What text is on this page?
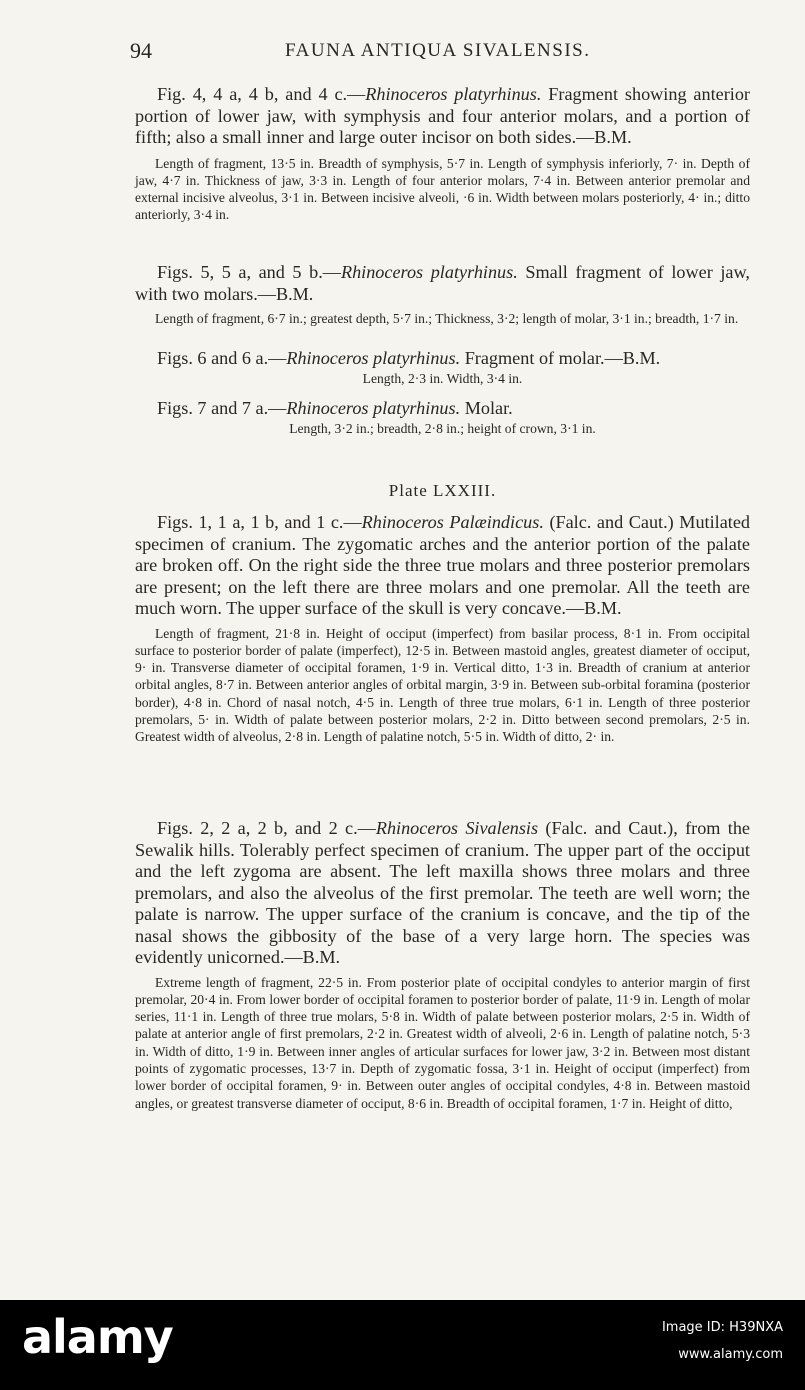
94	FAUNA ANTIQUA SIVALENSIS.

Fig. 4, 4 a, 4 b, and 4 c.—Rhinoceros platyrhinus. Fragment showing anterior portion of lower jaw, with symphysis and four anterior molars, and a portion of fifth; also a small inner and large outer incisor on both sides.—B.M.

Length of fragment, 13·5 in. Breadth of symphysis, 5·7 in. Length of symphysis inferiorly, 7· in. Depth of jaw, 4·7 in. Thickness of jaw, 3·3 in. Length of four anterior molars, 7·4 in. Between anterior premolar and external incisive alveolus, 3·1 in. Between incisive alveoli, ·6 in. Width between molars posteriorly, 4· in.; ditto anteriorly, 3·4 in.

Figs. 5, 5 a, and 5 b.—Rhinoceros platyrhinus. Small fragment of lower jaw, with two molars.—B.M.

Length of fragment, 6·7 in.; greatest depth, 5·7 in.; Thickness, 3·2; length of molar, 3·1 in.; breadth, 1·7 in.

Figs. 6 and 6 a.—Rhinoceros platyrhinus. Fragment of molar.—B.M.

Length, 2·3 in. Width, 3·4 in.

Figs. 7 and 7 a.—Rhinoceros platyrhinus. Molar.

Length, 3·2 in.; breadth, 2·8 in.; height of crown, 3·1 in.

Plate LXXIII.

Figs. 1, 1 a, 1 b, and 1 c.—Rhinoceros Palæindicus. (Falc. and Caut.) Mutilated specimen of cranium. The zygomatic arches and the anterior portion of the palate are broken off. On the right side the three true molars and three posterior premolars are present; on the left there are three molars and one premolar. All the teeth are much worn. The upper surface of the skull is very concave.—B.M.

Length of fragment, 21·8 in. Height of occiput (imperfect) from basilar process, 8·1 in. From occipital surface to posterior border of palate (imperfect), 12·5 in. Between mastoid angles, greatest diameter of occiput, 9· in. Transverse diameter of occipital foramen, 1·9 in. Vertical ditto, 1·3 in. Breadth of cranium at anterior orbital angles, 8·7 in. Between anterior angles of orbital margin, 3·9 in. Between sub-orbital foramina (posterior border), 4·8 in. Chord of nasal notch, 4·5 in. Length of three true molars, 6·1 in. Length of three posterior premolars, 5· in. Width of palate between posterior molars, 2·2 in. Ditto between second premolars, 2·5 in. Greatest width of alveolus, 2·8 in. Length of palatine notch, 5·5 in. Width of ditto, 2· in.

Figs. 2, 2 a, 2 b, and 2 c.—Rhinoceros Sivalensis (Falc. and Caut.), from the Sewalik hills. Tolerably perfect specimen of cranium. The upper part of the occiput and the left zygoma are absent. The left maxilla shows three molars and three premolars, and also the alveolus of the first premolar. The teeth are well worn; the palate is narrow. The upper surface of the cranium is concave, and the tip of the nasal shows the gibbosity of the base of a very large horn. The species was evidently unicorned.—B.M.

Extreme length of fragment, 22·5 in. From posterior plate of occipital condyles to anterior margin of first premolar, 20·4 in. From lower border of occipital foramen to posterior border of palate, 11·9 in. Length of molar series, 11·1 in. Length of three true molars, 5·8 in. Width of palate between posterior molars, 2·5 in. Width of palate at anterior angle of first premolars, 2·2 in. Greatest width of alveoli, 2·6 in. Length of palatine notch, 5·3 in. Width of ditto, 1·9 in. Between inner angles of articular surfaces for lower jaw, 3·2 in. Between most distant points of zygomatic processes, 13·7 in. Depth of zygomatic fossa, 3·1 in. Height of occiput (imperfect) from lower border of occipital foramen, 9· in. Between outer angles of occipital condyles, 4·8 in. Between mastoid angles, or greatest transverse diameter of occiput, 8·6 in. Breadth of occipital foramen, 1·7 in. Height of ditto,

alamy	Image ID: H39NXA
www.alamy.com
